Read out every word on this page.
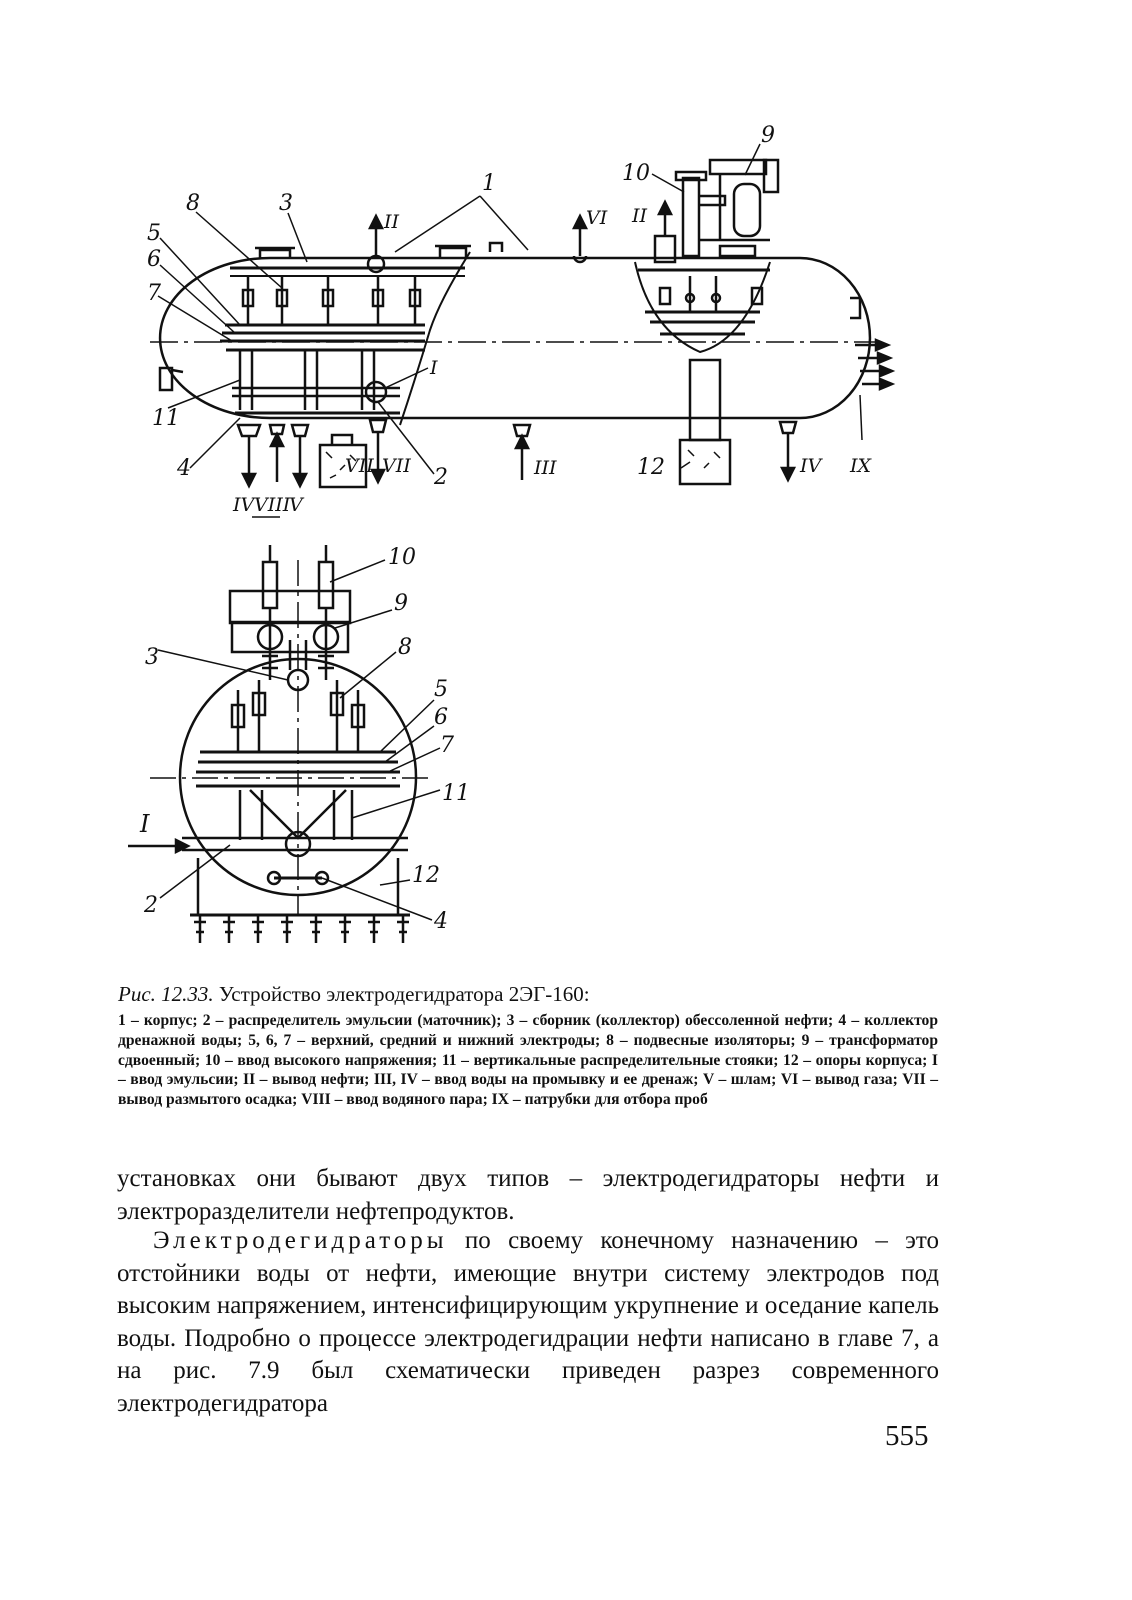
1
3
8
5
6
7
11
4	2
9
10
12
I
II	II
III
IV
IV
V
VI
VII
VII
VIII
IX
10
9
3	8
5
6
7
11
12
2
4
I
Рис. 12.33. Устройство электродегидратора 2ЭГ-160:
1 – корпус; 2 – распределитель эмульсии (маточник); 3 – сборник (коллектор) обессоленной нефти; 4 – коллектор дренажной воды; 5, 6, 7 – верхний, средний и нижний электроды; 8 – подвесные изоляторы; 9 – трансформатор сдвоенный; 10 – ввод высокого напряжения; 11 – вертикальные распределительные стояки; 12 – опоры корпуса; I – ввод эмульсии; II – вывод нефти; III, IV – ввод воды на промывку и ее дренаж; V – шлам; VI – вывод газа; VII – вывод размытого осадка; VIII – ввод водяного пара; IX – патрубки для отбора проб
установках они бывают двух типов – электродегидраторы нефти и электроразделители нефтепродуктов.
Электродегидраторы по своему конечному назначению – это отстойники воды от нефти, имеющие внутри систему электродов под высоким напряжением, интенсифицирующим укрупнение и оседание капель воды. Подробно о процессе электродегидрации нефти написано в главе 7, а на рис. 7.9 был схематически приведен разрез современного электродегидратора
555
